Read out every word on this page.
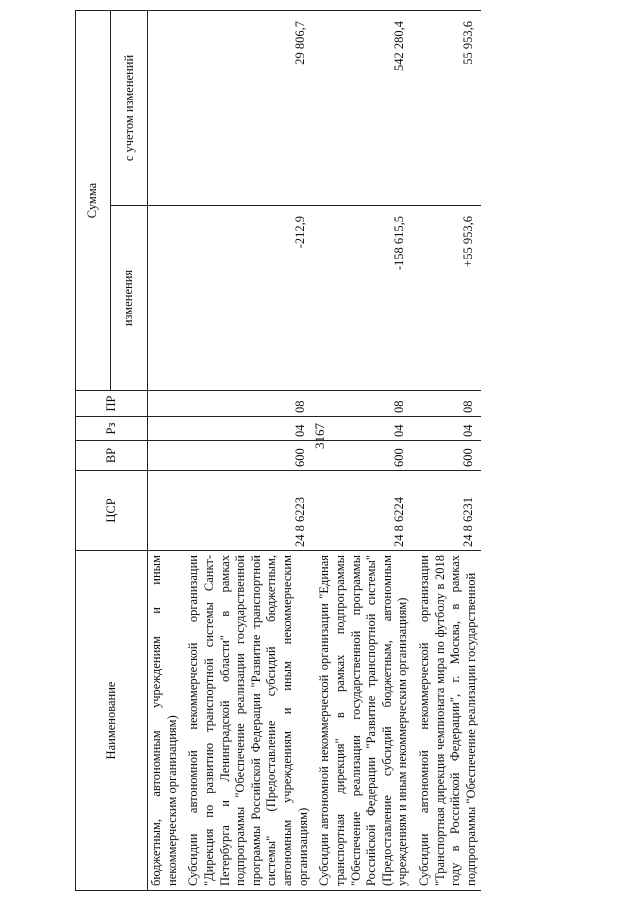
3167
Наименование	ЦСР	ВР	Рз	ПР	Сумма	
					изменения	с учетом изменений
бюджетным, автономным учреждениям и иным некоммерческим организациям)						

Субсидии автономной некоммерческой организации "Дирекция по развитию транспортной системы Санкт-Петербурга и Ленинградской области" в рамках подпрограммы "Обеспечение реализации государственной программы Российской Федерации "Развитие транспортной системы" (Предоставление субсидий бюджетным, автономным учреждениям и иным некоммерческим организациям)	24 8 6223	600	04	08	-212,9	29 806,7

Субсидии автономной некоммерческой организации "Единая транспортная дирекция" в рамках подпрограммы "Обеспечение реализации государственной программы Российской Федерации "Развитие транспортной системы" (Предоставление субсидий бюджетным, автономным учреждениям и иным некоммерческим организациям)	24 8 6224	600	04	08	-158 615,5	542 280,4

Субсидии автономной некоммерческой организации "Транспортная дирекция чемпионата мира по футболу в 2018 году в Российской Федерации", г. Москва, в рамках подпрограммы "Обеспечение реализации государственной	24 8 6231	600	04	08	+55 953,6	55 953,6
